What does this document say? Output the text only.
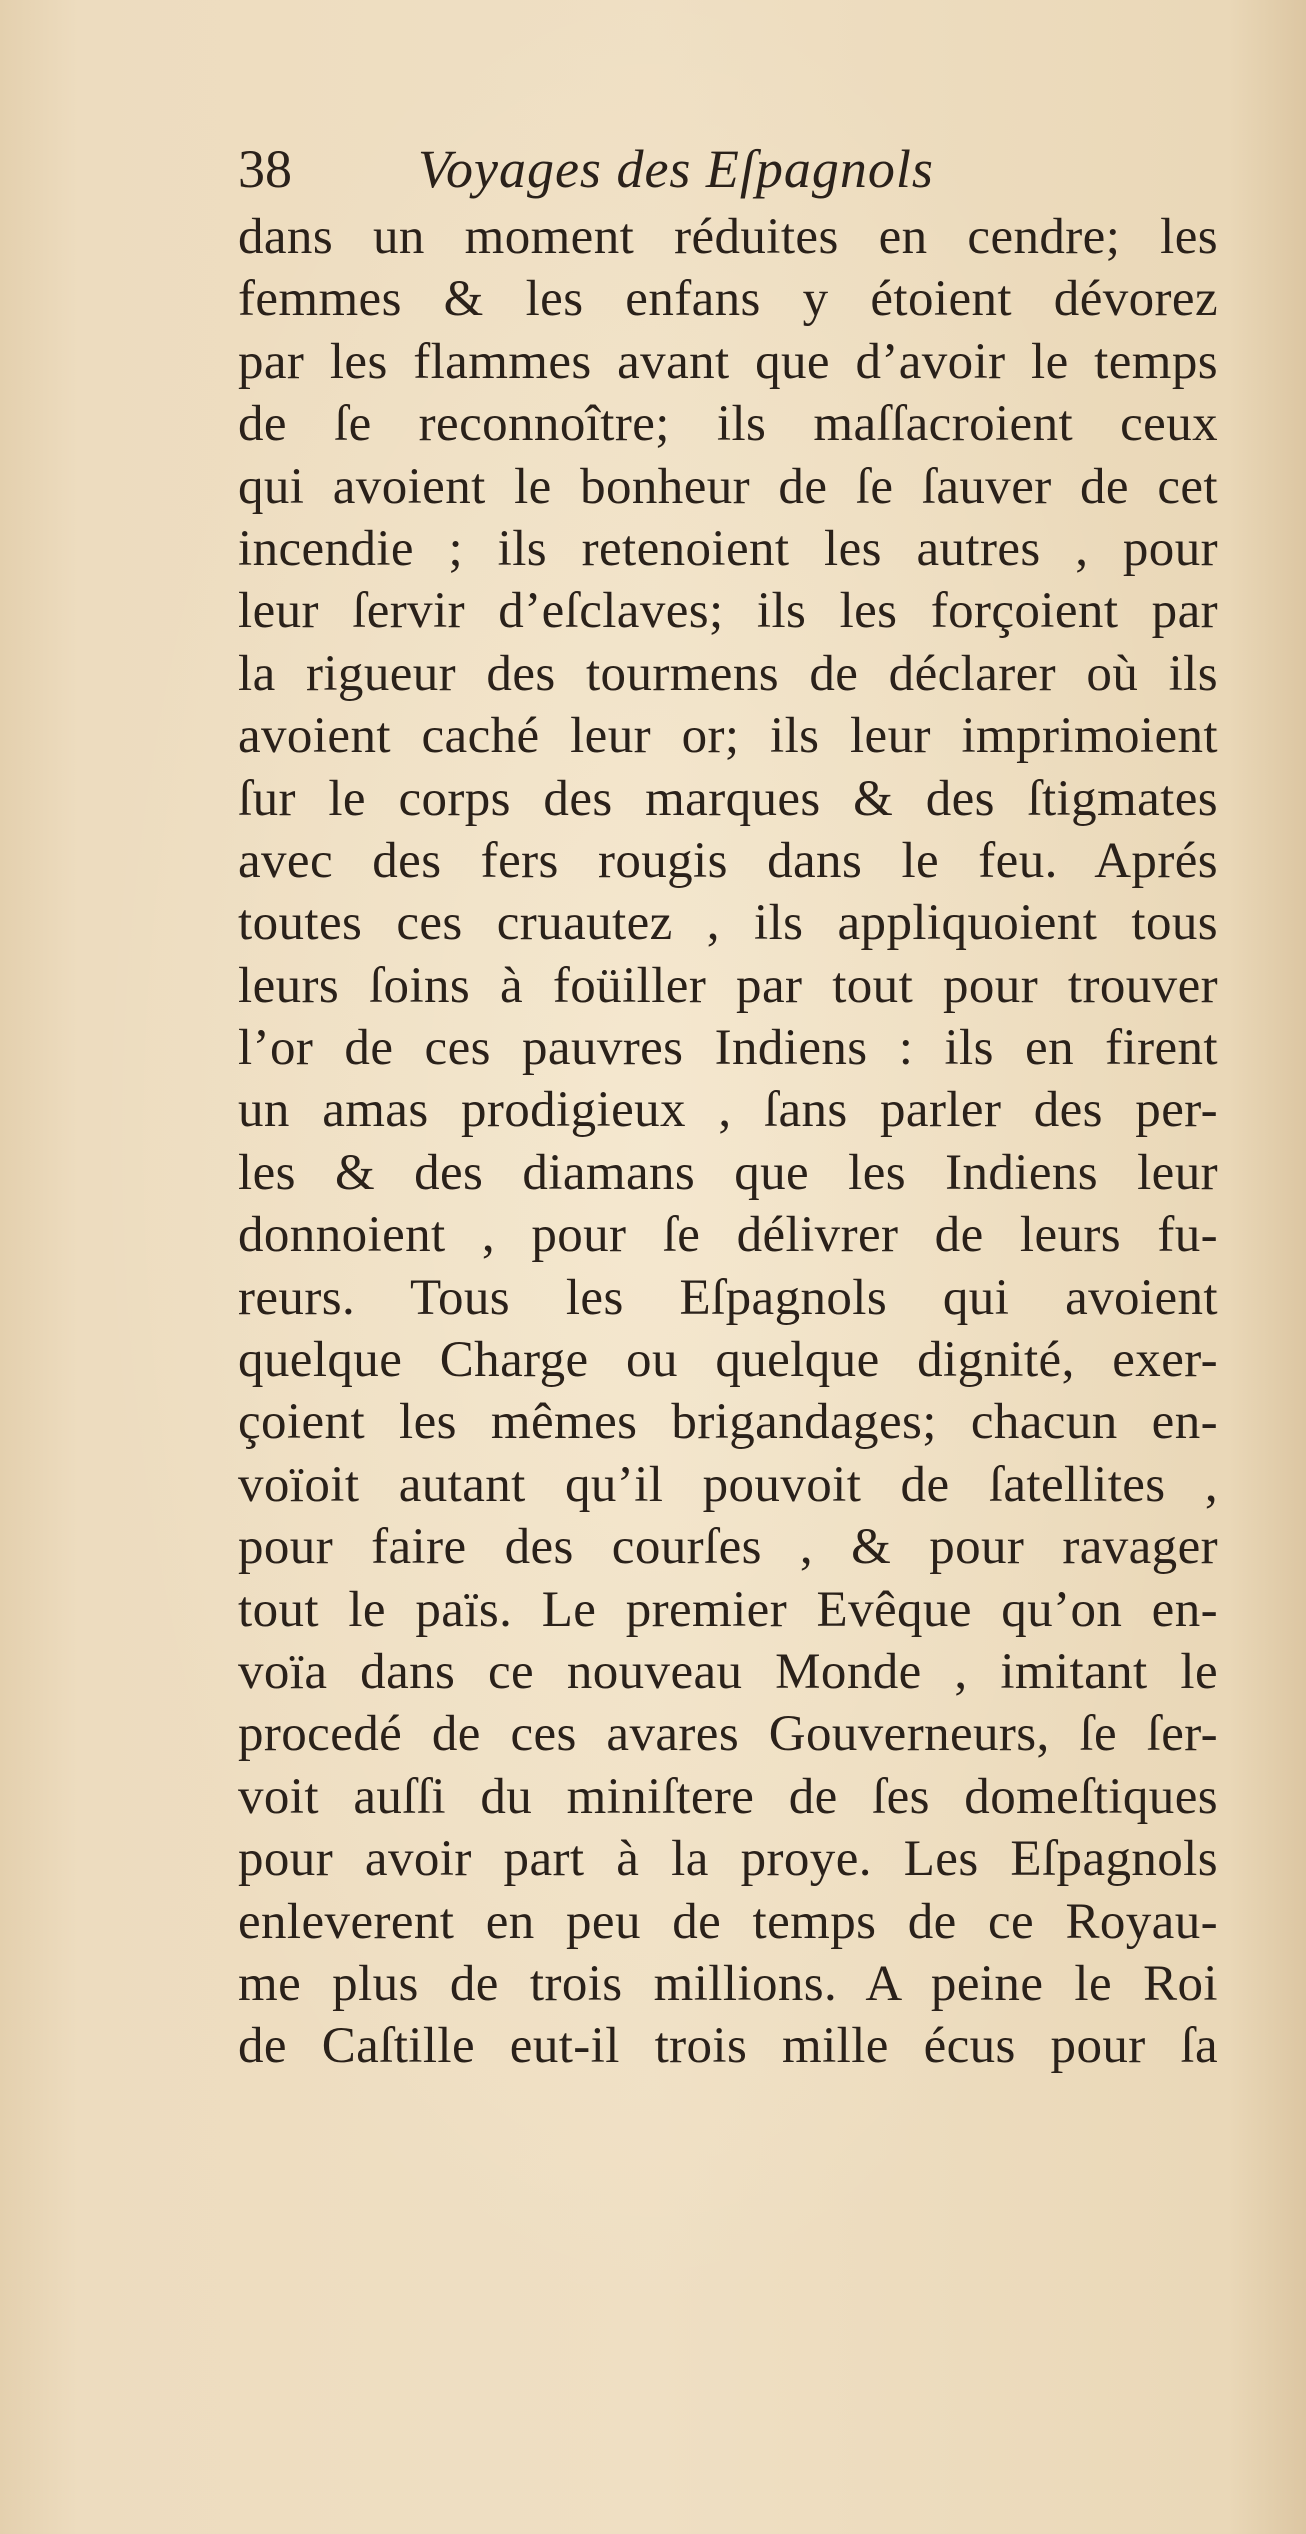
38 Voyages des Eſpagnols
dans un moment réduites en cendre; les
femmes & les enfans y étoient dévorez
par les flammes avant que d’avoir le temps
de ſe reconnoître; ils maſſacroient ceux
qui avoient le bonheur de ſe ſauver de cet
incendie ; ils retenoient les autres , pour
leur ſervir d’eſclaves; ils les forçoient par
la rigueur des tourmens de déclarer où ils
avoient caché leur or; ils leur imprimoient
ſur le corps des marques & des ſtigmates
avec des fers rougis dans le feu. Aprés
toutes ces cruautez , ils appliquoient tous
leurs ſoins à foüiller par tout pour trouver
l’or de ces pauvres Indiens : ils en firent
un amas prodigieux , ſans parler des per-
les & des diamans que les Indiens leur
donnoient , pour ſe délivrer de leurs fu-
reurs. Tous les Eſpagnols qui avoient
quelque Charge ou quelque dignité, exer-
çoient les mêmes brigandages; chacun en-
voïoit autant qu’il pouvoit de ſatellites ,
pour faire des courſes , & pour ravager
tout le païs. Le premier Evêque qu’on en-
voïa dans ce nouveau Monde , imitant le
procedé de ces avares Gouverneurs, ſe ſer-
voit auſſi du miniſtere de ſes domeſtiques
pour avoir part à la proye. Les Eſpagnols
enleverent en peu de temps de ce Royau-
me plus de trois millions. A peine le Roi
de Caſtille eut-il trois mille écus pour ſa
